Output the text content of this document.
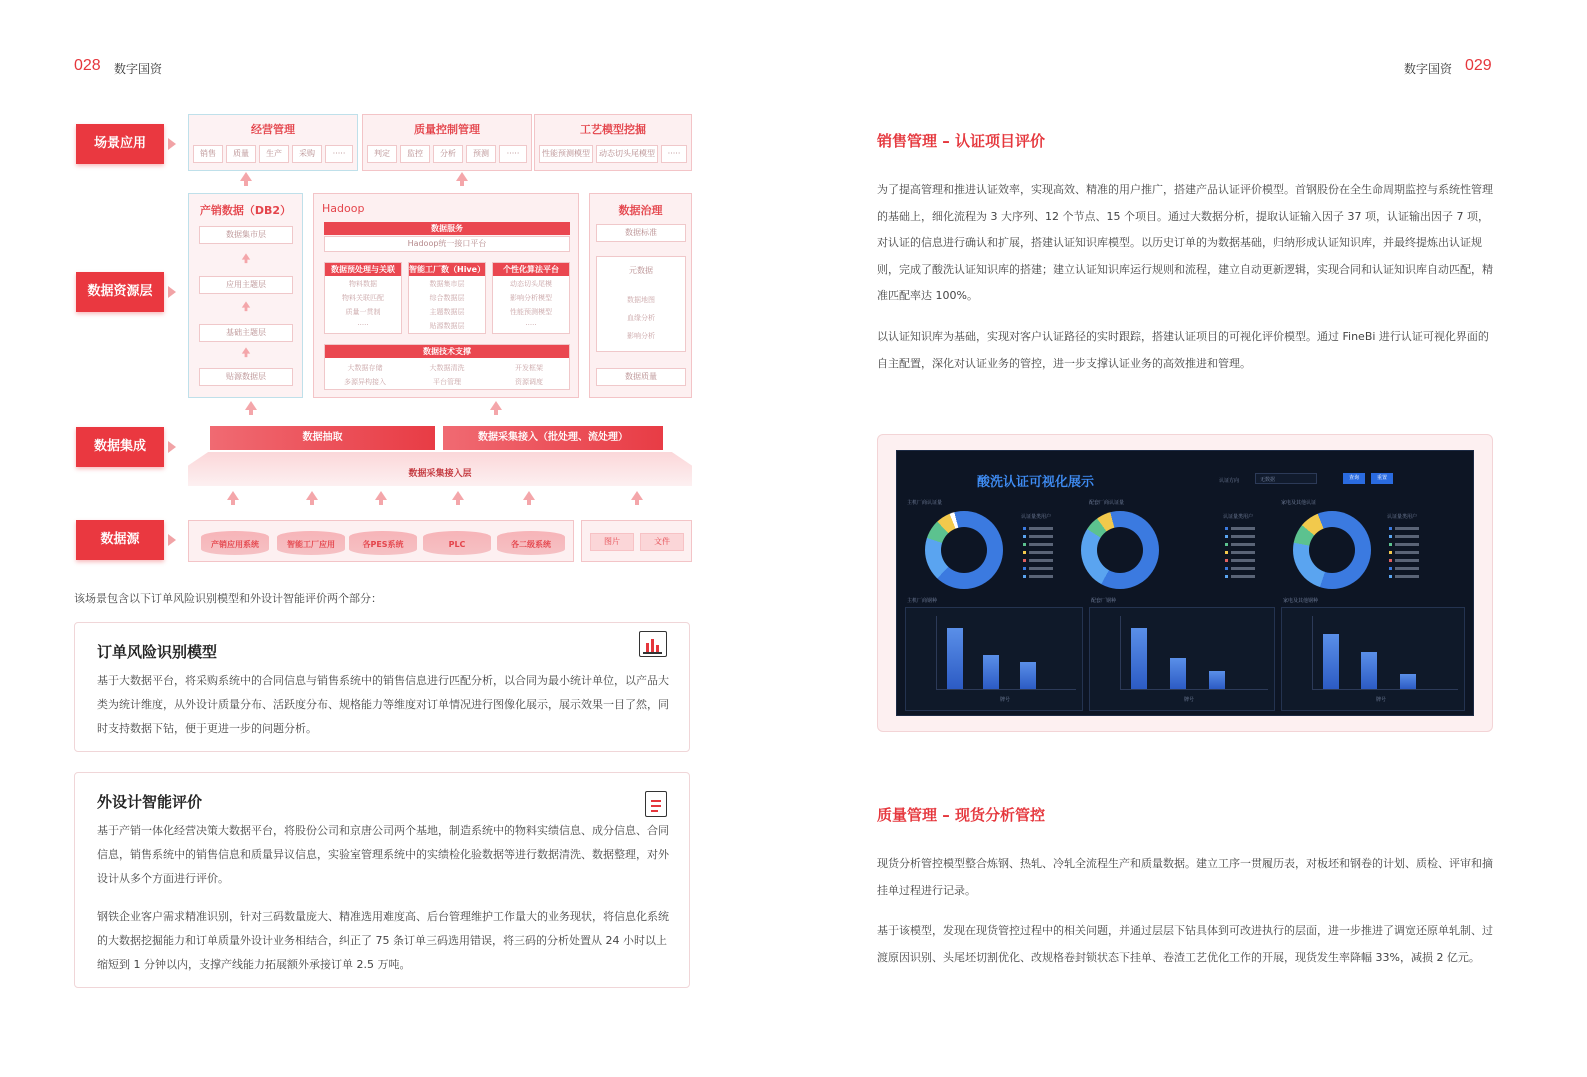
028 数字国资	数字国资 029
场景应用
数据资源层
数据集成
数据源
经营管理
销售	质量	生产	采购	·····
质量控制管理
判定	监控	分析	预测	·····
工艺模型挖掘
性能预测模型	动态切头尾模型	·····
产销数据（DB2）
数据集市层
应用主题层
基础主题层
贴源数据层
Hadoop
数据服务
Hadoop统一接口平台
数据预处理与关联
物料数据
物料关联匹配
质量一贯制
·····
智能工厂数（Hive）
数据集市层
综合数据层
主题数据层
贴源数据层
个性化算法平台
动态切头尾模
影响分析模型
性能预测模型
·····
数据技术支撑
大数据存储	大数据清洗	开发框架
多源异构接入	平台管理	资源调度
数据治理
数据标准
元数据
数据地图
血缘分析
影响分析
数据质量
数据抽取	数据采集接入（批处理、流处理）
数据采集接入层
产销应用系统	智能工厂应用	各PES系统	PLC	各二级系统	图片	文件
该场景包含以下订单风险识别模型和外设计智能评价两个部分：
订单风险识别模型
基于大数据平台，将采购系统中的合同信息与销售系统中的销售信息进行匹配分析，以合同为最小统计单位，以产品大类为统计维度，从外设计质量分布、活跃度分布、规格能力等维度对订单情况进行图像化展示，展示效果一目了然，同时支持数据下钻，便于更进一步的问题分析。
外设计智能评价
基于产销一体化经营决策大数据平台，将股份公司和京唐公司两个基地，制造系统中的物料实绩信息、成分信息、合同信息，销售系统中的销售信息和质量异议信息，实验室管理系统中的实绩检化验数据等进行数据清洗、数据整理，对外设计从多个方面进行评价。
钢铁企业客户需求精准识别，针对三码数量庞大、精准选用难度高、后台管理维护工作量大的业务现状，将信息化系统的大数据挖掘能力和订单质量外设计业务相结合，纠正了 75 条订单三码选用错误，将三码的分析处置从 24 小时以上缩短到 1 分钟以内，支撑产线能力拓展额外承接订单 2.5 万吨。
销售管理 – 认证项目评价
为了提高管理和推进认证效率，实现高效、精准的用户推广，搭建产品认证评价模型。首钢股份在全生命周期监控与系统性管理的基础上，细化流程为 3 大序列、12 个节点、15 个项目。通过大数据分析，提取认证输入因子 37 项，认证输出因子 7 项，对认证的信息进行确认和扩展，搭建认证知识库模型。以历史订单的为数据基础，归纳形成认证知识库，并最终提炼出认证规则，完成了酸洗认证知识库的搭建；建立认证知识库运行规则和流程，建立自动更新逻辑，实现合同和认证知识库自动匹配，精准匹配率达 100%。
以认证知识库为基础，实现对客户认证路径的实时跟踪，搭建认证项目的可视化评价模型。通过 FineBi 进行认证可视化界面的自主配置，深化对认证业务的管控，进一步支撑认证业务的高效推进和管理。
酸洗认证可视化展示	认证方向	无数据	查询	重置
主机厂商认证量
认证量类用户
配套厂商认证量
认证量类用户
家电及其他认证
认证量类用户
主机厂商钢种
牌号
配套厂钢种
牌号
家电及其他钢种
牌号
质量管理 – 现货分析管控
现货分析管控模型整合炼钢、热轧、冷轧全流程生产和质量数据。建立工序一贯履历表，对板坯和钢卷的计划、质检、评审和摘挂单过程进行记录。
基于该模型，发现在现货管控过程中的相关问题，并通过层层下钻具体到可改进执行的层面，进一步推进了调宽还原单轧制、过渡原因识别、头尾坯切割优化、改规格卷封锁状态下挂单、卷渣工艺优化工作的开展，现货发生率降幅 33%，减损 2 亿元。
